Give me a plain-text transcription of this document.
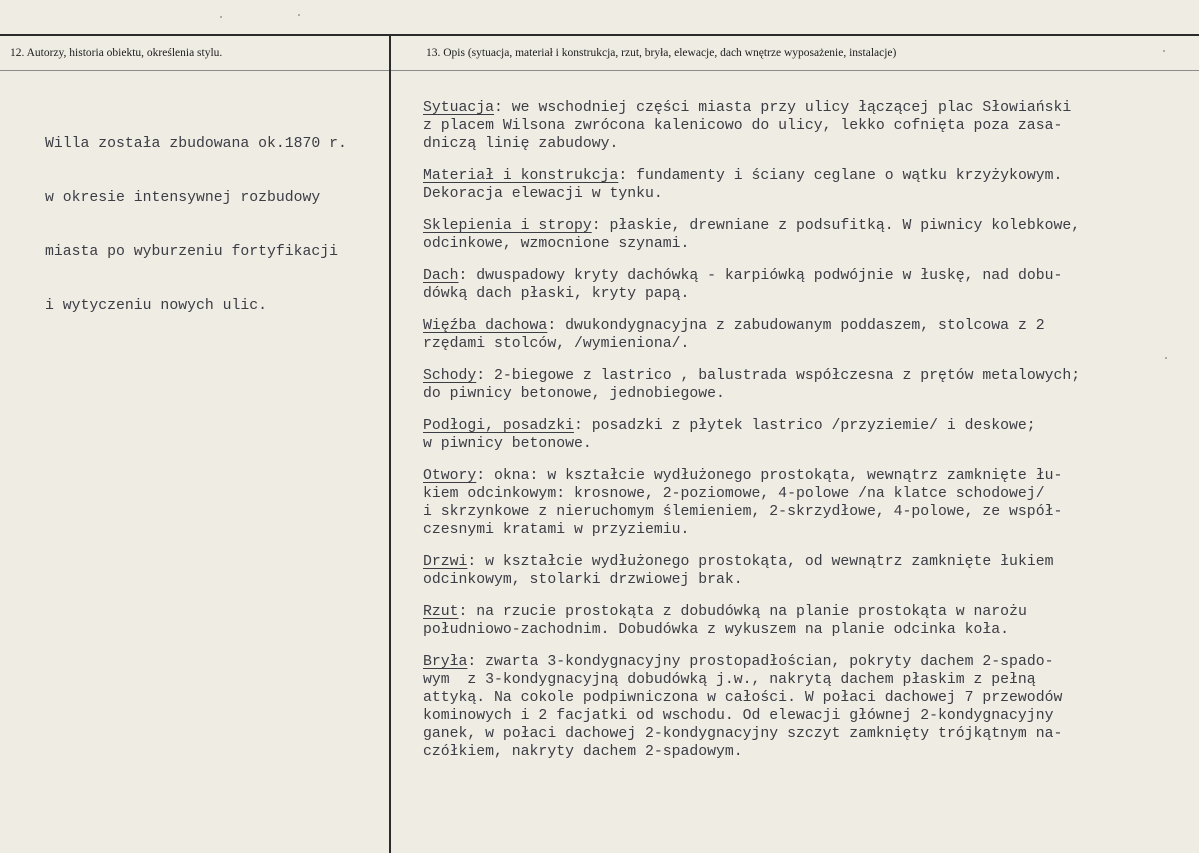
12. Autorzy, historia obiektu, określenia stylu.	13. Opis (sytuacja, materiał i konstrukcja, rzut, bryła, elewacje, dach wnętrze wyposażenie, instalacje)

Willa została zbudowana ok.1870 r.

w okresie intensywnej rozbudowy

miasta po wyburzeniu fortyfikacji

i wytyczeniu nowych ulic.

Sytuacja: we wschodniej części miasta przy ulicy łączącej plac Słowiański
z placem Wilsona zwrócona kalenicowo do ulicy, lekko cofnięta poza zasa-
dniczą linię zabudowy.
Materiał i konstrukcja: fundamenty i ściany ceglane o wątku krzyżykowym.
Dekoracja elewacji w tynku.
Sklepienia i stropy: płaskie, drewniane z podsufitką. W piwnicy kolebkowe,
odcinkowe, wzmocnione szynami.
Dach: dwuspadowy kryty dachówką - karpiówką podwójnie w łuskę, nad dobu-
dówką dach płaski, kryty papą.
Więźba dachowa: dwukondygnacyjna z zabudowanym poddaszem, stolcowa z 2
rzędami stolców, /wymieniona/.
Schody: 2-biegowe z lastrico , balustrada współczesna z prętów metalowych;
do piwnicy betonowe, jednobiegowe.
Podłogi, posadzki: posadzki z płytek lastrico /przyziemie/ i deskowe;
w piwnicy betonowe.
Otwory: okna: w kształcie wydłużonego prostokąta, wewnątrz zamknięte łu-
kiem odcinkowym: krosnowe, 2-poziomowe, 4-polowe /na klatce schodowej/
i skrzynkowe z nieruchomym ślemieniem, 2-skrzydłowe, 4-polowe, ze współ-
czesnymi kratami w przyziemiu.
Drzwi: w kształcie wydłużonego prostokąta, od wewnątrz zamknięte łukiem
odcinkowym, stolarki drzwiowej brak.
Rzut: na rzucie prostokąta z dobudówką na planie prostokąta w narożu
południowo-zachodnim. Dobudówka z wykuszem na planie odcinka koła.
Bryła: zwarta 3-kondygnacyjny prostopadłościan, pokryty dachem 2-spado-
wym  z 3-kondygnacyjną dobudówką j.w., nakrytą dachem płaskim z pełną
attyką. Na cokole podpiwniczona w całości. W połaci dachowej 7 przewodów
kominowych i 2 facjatki od wschodu. Od elewacji głównej 2-kondygnacyjny
ganek, w połaci dachowej 2-kondygnacyjny szczyt zamknięty trójkątnym na-
czółkiem, nakryty dachem 2-spadowym.
